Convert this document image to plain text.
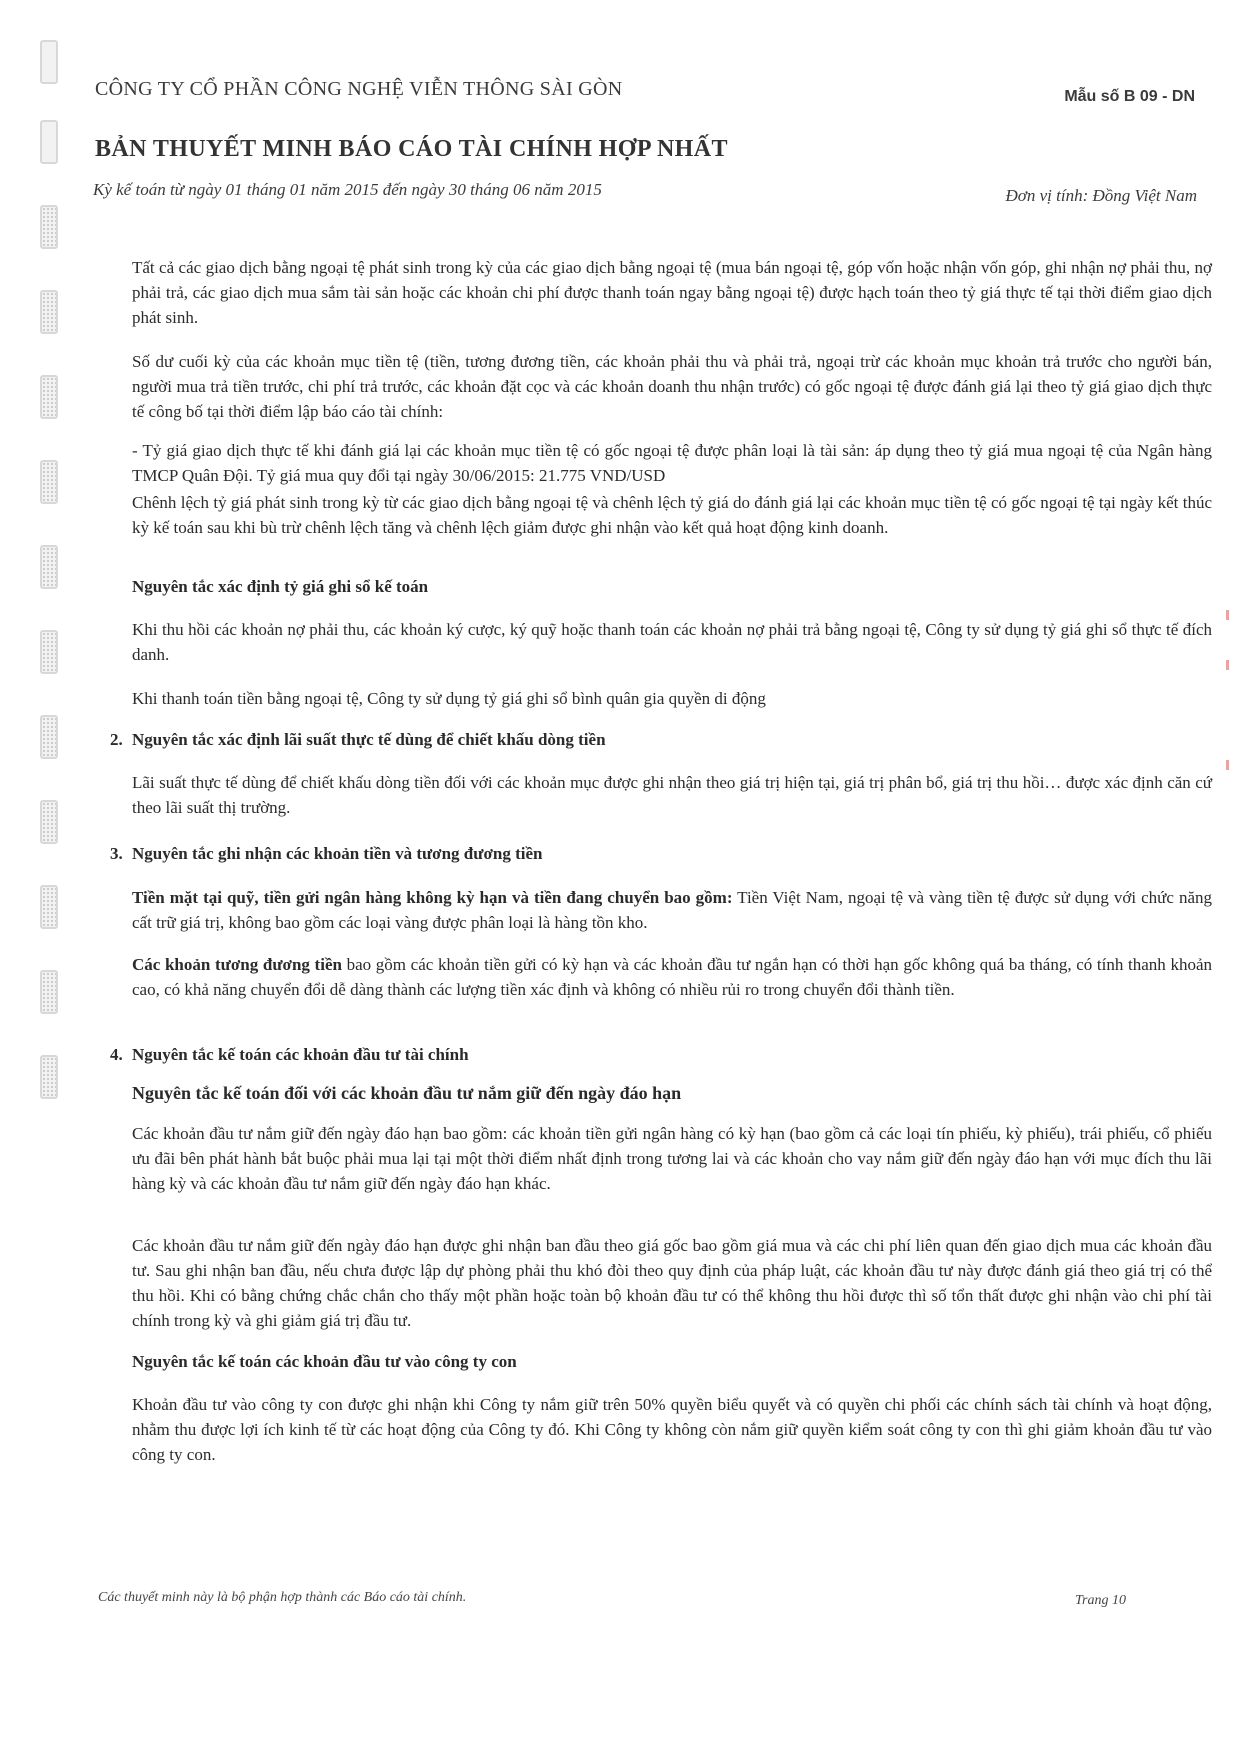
CÔNG TY CỔ PHẦN CÔNG NGHỆ VIỄN THÔNG SÀI GÒN	Mẫu số B 09 - DN
BẢN THUYẾT MINH BÁO CÁO TÀI CHÍNH HỢP NHẤT
Kỳ kế toán từ ngày 01 tháng 01 năm 2015 đến ngày 30 tháng 06 năm 2015	Đơn vị tính: Đồng Việt Nam

Tất cả các giao dịch bằng ngoại tệ phát sinh trong kỳ của các giao dịch bằng ngoại tệ (mua bán ngoại tệ, góp vốn hoặc nhận vốn góp, ghi nhận nợ phải thu, nợ phải trả, các giao dịch mua sắm tài sản hoặc các khoản chi phí được thanh toán ngay bằng ngoại tệ) được hạch toán theo tỷ giá thực tế tại thời điểm giao dịch phát sinh.

Số dư cuối kỳ của các khoản mục tiền tệ (tiền, tương đương tiền, các khoản phải thu và phải trả, ngoại trừ các khoản mục khoản trả trước cho người bán, người mua trả tiền trước, chi phí trả trước, các khoản đặt cọc và các khoản doanh thu nhận trước) có gốc ngoại tệ được đánh giá lại theo tỷ giá giao dịch thực tế công bố tại thời điểm lập báo cáo tài chính:

- Tỷ giá giao dịch thực tế khi đánh giá lại các khoản mục tiền tệ có gốc ngoại tệ được phân loại là tài sản: áp dụng theo tỷ giá mua ngoại tệ của Ngân hàng TMCP Quân Đội. Tỷ giá mua quy đổi tại ngày 30/06/2015: 21.775 VND/USD

Chênh lệch tỷ giá phát sinh trong kỳ từ các giao dịch bằng ngoại tệ và chênh lệch tỷ giá do đánh giá lại các khoản mục tiền tệ có gốc ngoại tệ tại ngày kết thúc kỳ kế toán sau khi bù trừ chênh lệch tăng và chênh lệch giảm được ghi nhận vào kết quả hoạt động kinh doanh.

Nguyên tắc xác định tỷ giá ghi sổ kế toán

Khi thu hồi các khoản nợ phải thu, các khoản ký cược, ký quỹ hoặc thanh toán các khoản nợ phải trả bằng ngoại tệ, Công ty sử dụng tỷ giá ghi sổ thực tế đích danh.

Khi thanh toán tiền bằng ngoại tệ, Công ty sử dụng tỷ giá ghi sổ bình quân gia quyền di động

2. Nguyên tắc xác định lãi suất thực tế dùng để chiết khấu dòng tiền

Lãi suất thực tế dùng để chiết khấu dòng tiền đối với các khoản mục được ghi nhận theo giá trị hiện tại, giá trị phân bổ, giá trị thu hồi… được xác định căn cứ theo lãi suất thị trường.

3. Nguyên tắc ghi nhận các khoản tiền và tương đương tiền

Tiền mặt tại quỹ, tiền gửi ngân hàng không kỳ hạn và tiền đang chuyển bao gồm: Tiền Việt Nam, ngoại tệ và vàng tiền tệ được sử dụng với chức năng cất trữ giá trị, không bao gồm các loại vàng được phân loại là hàng tồn kho.

Các khoản tương đương tiền bao gồm các khoản tiền gửi có kỳ hạn và các khoản đầu tư ngắn hạn có thời hạn gốc không quá ba tháng, có tính thanh khoản cao, có khả năng chuyển đổi dễ dàng thành các lượng tiền xác định và không có nhiều rủi ro trong chuyển đổi thành tiền.

4. Nguyên tắc kế toán các khoản đầu tư tài chính
Nguyên tắc kế toán đối với các khoản đầu tư nắm giữ đến ngày đáo hạn

Các khoản đầu tư nắm giữ đến ngày đáo hạn bao gồm: các khoản tiền gửi ngân hàng có kỳ hạn (bao gồm cả các loại tín phiếu, kỳ phiếu), trái phiếu, cổ phiếu ưu đãi bên phát hành bắt buộc phải mua lại tại một thời điểm nhất định trong tương lai và các khoản cho vay nắm giữ đến ngày đáo hạn với mục đích thu lãi hàng kỳ và các khoản đầu tư nắm giữ đến ngày đáo hạn khác.

Các khoản đầu tư nắm giữ đến ngày đáo hạn được ghi nhận ban đầu theo giá gốc bao gồm giá mua và các chi phí liên quan đến giao dịch mua các khoản đầu tư. Sau ghi nhận ban đầu, nếu chưa được lập dự phòng phải thu khó đòi theo quy định của pháp luật, các khoản đầu tư này được đánh giá theo giá trị có thể thu hồi. Khi có bằng chứng chắc chắn cho thấy một phần hoặc toàn bộ khoản đầu tư có thể không thu hồi được thì số tổn thất được ghi nhận vào chi phí tài chính trong kỳ và ghi giảm giá trị đầu tư.

Nguyên tắc kế toán các khoản đầu tư vào công ty con

Khoản đầu tư vào công ty con được ghi nhận khi Công ty nắm giữ trên 50% quyền biểu quyết và có quyền chi phối các chính sách tài chính và hoạt động, nhằm thu được lợi ích kinh tế từ các hoạt động của Công ty đó. Khi Công ty không còn nắm giữ quyền kiểm soát công ty con thì ghi giảm khoản đầu tư vào công ty con.

Các thuyết minh này là bộ phận hợp thành các Báo cáo tài chính.	Trang 10
